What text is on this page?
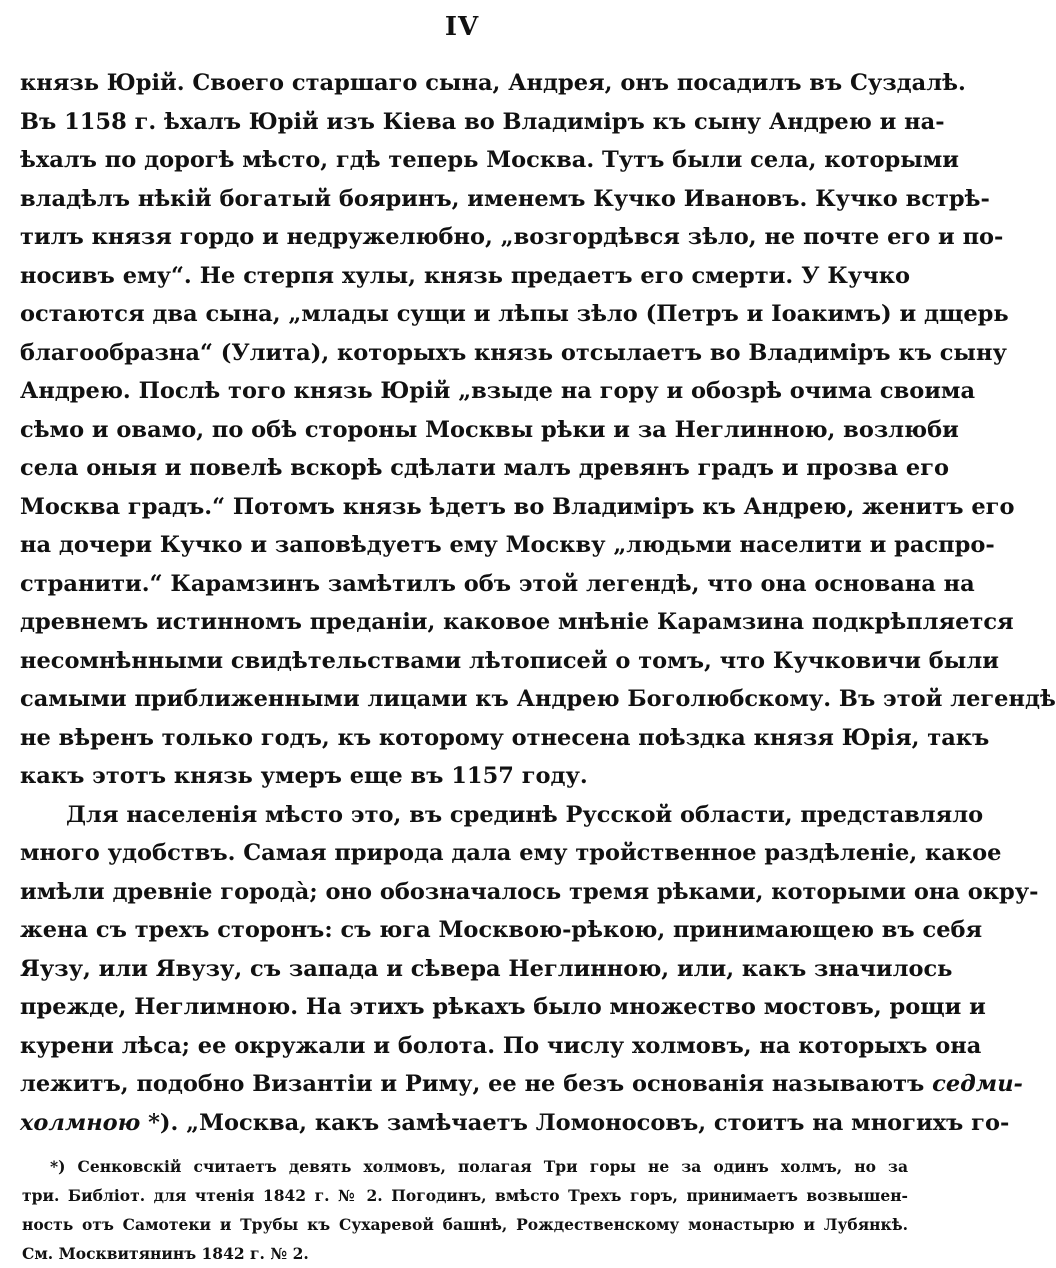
IV
князь Юрій. Своего старшаго сына, Андрея, онъ посадилъ въ Суздалѣ.
Въ 1158 г. ѣхалъ Юрій изъ Кіева во Владиміръ къ сыну Андрею и на-
ѣхалъ по дорогѣ мѣсто, гдѣ теперь Москва. Тутъ были села, которыми
владѣлъ нѣкій богатый бояринъ, именемъ Кучко Ивановъ. Кучко встрѣ-
тилъ князя гордо и недружелюбно, „возгордѣвся зѣло, не почте его и по-
носивъ ему“. Не стерпя хулы, князь предаетъ его смерти. У Кучко
остаются два сына, „млады сущи и лѣпы зѣло (Петръ и Іоакимъ) и дщерь
благообразна“ (Улита), которыхъ князь отсылаетъ во Владиміръ къ сыну
Андрею. Послѣ того князь Юрій „взыде на гору и обозрѣ очима своима
сѣмо и овамо, по обѣ стороны Москвы рѣки и за Неглинною, возлюби
села оныя и повелѣ вскорѣ сдѣлати малъ древянъ градъ и прозва его
Москва градъ.“ Потомъ князь ѣдетъ во Владиміръ къ Андрею, женитъ его
на дочери Кучко и заповѣдуетъ ему Москву „людьми населити и распро-
странити.“ Карамзинъ замѣтилъ объ этой легендѣ, что она основана на
древнемъ истинномъ преданіи, каковое мнѣніе Карамзина подкрѣпляется
несомнѣнными свидѣтельствами лѣтописей о томъ, что Кучковичи были
самыми приближенными лицами къ Андрею Боголюбскому. Въ этой легендѣ
не вѣренъ только годъ, къ которому отнесена поѣздка князя Юрія, такъ
какъ этотъ князь умеръ еще въ 1157 году.
Для населенія мѣсто это, въ срединѣ Русской области, представляло
много удобствъ. Самая природа дала ему тройственное раздѣленіе, какое
имѣли древніе городà; оно обозначалось тремя рѣками, которыми она окру-
жена съ трехъ сторонъ: съ юга Москвою-рѣкою, принимающею въ себя
Яузу, или Явузу, съ запада и сѣвера Неглинною, или, какъ значилось
прежде, Неглимною. На этихъ рѣкахъ было множество мостовъ, рощи и
курени лѣса; ее окружали и болота. По числу холмовъ, на которыхъ она
лежитъ, подобно Византіи и Риму, ее не безъ основанія называютъ седми-
холмною *). „Москва, какъ замѣчаетъ Ломоносовъ, стоитъ на многихъ го-
*) Сенковскій считаетъ девять холмовъ, полагая Три горы не за одинъ холмъ, но за
три. Библіот. для чтенія 1842 г. № 2. Погодинъ, вмѣсто Трехъ горъ, принимаетъ возвышен-
ность отъ Самотеки и Трубы къ Сухаревой башнѣ, Рождественскому монастырю и Лубянкѣ.
См. Москвитянинъ 1842 г. № 2.
